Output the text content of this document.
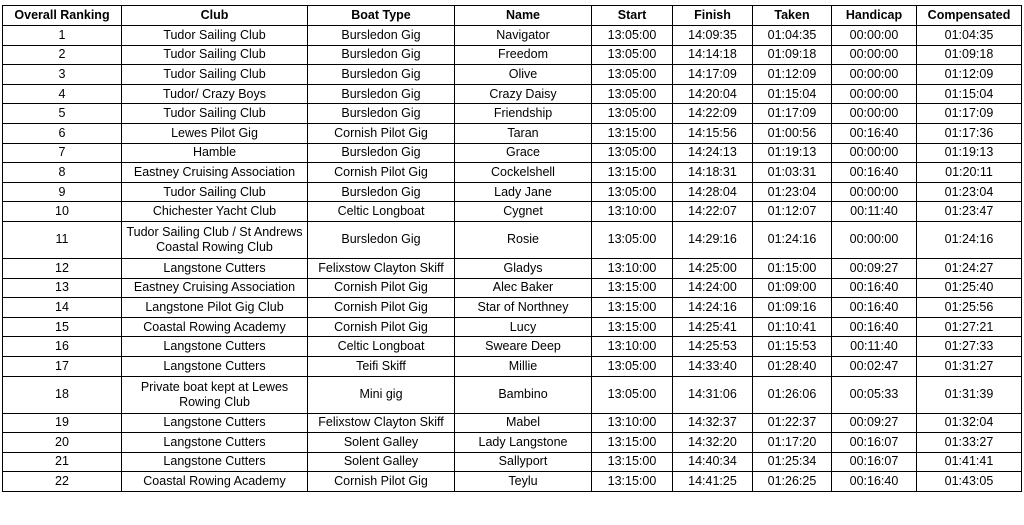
Overall Ranking	Club	Boat Type	Name	Start	Finish	Taken	Handicap	Compensated
1	Tudor Sailing Club	Bursledon Gig	Navigator	13:05:00	14:09:35	01:04:35	00:00:00	01:04:35
2	Tudor Sailing Club	Bursledon Gig	Freedom	13:05:00	14:14:18	01:09:18	00:00:00	01:09:18
3	Tudor Sailing Club	Bursledon Gig	Olive	13:05:00	14:17:09	01:12:09	00:00:00	01:12:09
4	Tudor/ Crazy Boys	Bursledon Gig	Crazy Daisy	13:05:00	14:20:04	01:15:04	00:00:00	01:15:04
5	Tudor Sailing Club	Bursledon Gig	Friendship	13:05:00	14:22:09	01:17:09	00:00:00	01:17:09
6	Lewes Pilot Gig	Cornish Pilot Gig	Taran	13:15:00	14:15:56	01:00:56	00:16:40	01:17:36
7	Hamble	Bursledon Gig	Grace	13:05:00	14:24:13	01:19:13	00:00:00	01:19:13
8	Eastney Cruising Association	Cornish Pilot Gig	Cockelshell	13:15:00	14:18:31	01:03:31	00:16:40	01:20:11
9	Tudor Sailing Club	Bursledon Gig	Lady Jane	13:05:00	14:28:04	01:23:04	00:00:00	01:23:04
10	Chichester Yacht Club	Celtic Longboat	Cygnet	13:10:00	14:22:07	01:12:07	00:11:40	01:23:47
11	Tudor Sailing Club / St Andrews Coastal Rowing Club	Bursledon Gig	Rosie	13:05:00	14:29:16	01:24:16	00:00:00	01:24:16
12	Langstone Cutters	Felixstow Clayton Skiff	Gladys	13:10:00	14:25:00	01:15:00	00:09:27	01:24:27
13	Eastney Cruising Association	Cornish Pilot Gig	Alec Baker	13:15:00	14:24:00	01:09:00	00:16:40	01:25:40
14	Langstone Pilot Gig Club	Cornish Pilot Gig	Star of Northney	13:15:00	14:24:16	01:09:16	00:16:40	01:25:56
15	Coastal Rowing Academy	Cornish Pilot Gig	Lucy	13:15:00	14:25:41	01:10:41	00:16:40	01:27:21
16	Langstone Cutters	Celtic Longboat	Sweare Deep	13:10:00	14:25:53	01:15:53	00:11:40	01:27:33
17	Langstone Cutters	Teifi Skiff	Millie	13:05:00	14:33:40	01:28:40	00:02:47	01:31:27
18	Private boat kept at Lewes Rowing Club	Mini gig	Bambino	13:05:00	14:31:06	01:26:06	00:05:33	01:31:39
19	Langstone Cutters	Felixstow Clayton Skiff	Mabel	13:10:00	14:32:37	01:22:37	00:09:27	01:32:04
20	Langstone Cutters	Solent Galley	Lady Langstone	13:15:00	14:32:20	01:17:20	00:16:07	01:33:27
21	Langstone Cutters	Solent Galley	Sallyport	13:15:00	14:40:34	01:25:34	00:16:07	01:41:41
22	Coastal Rowing Academy	Cornish Pilot Gig	Teylu	13:15:00	14:41:25	01:26:25	00:16:40	01:43:05
